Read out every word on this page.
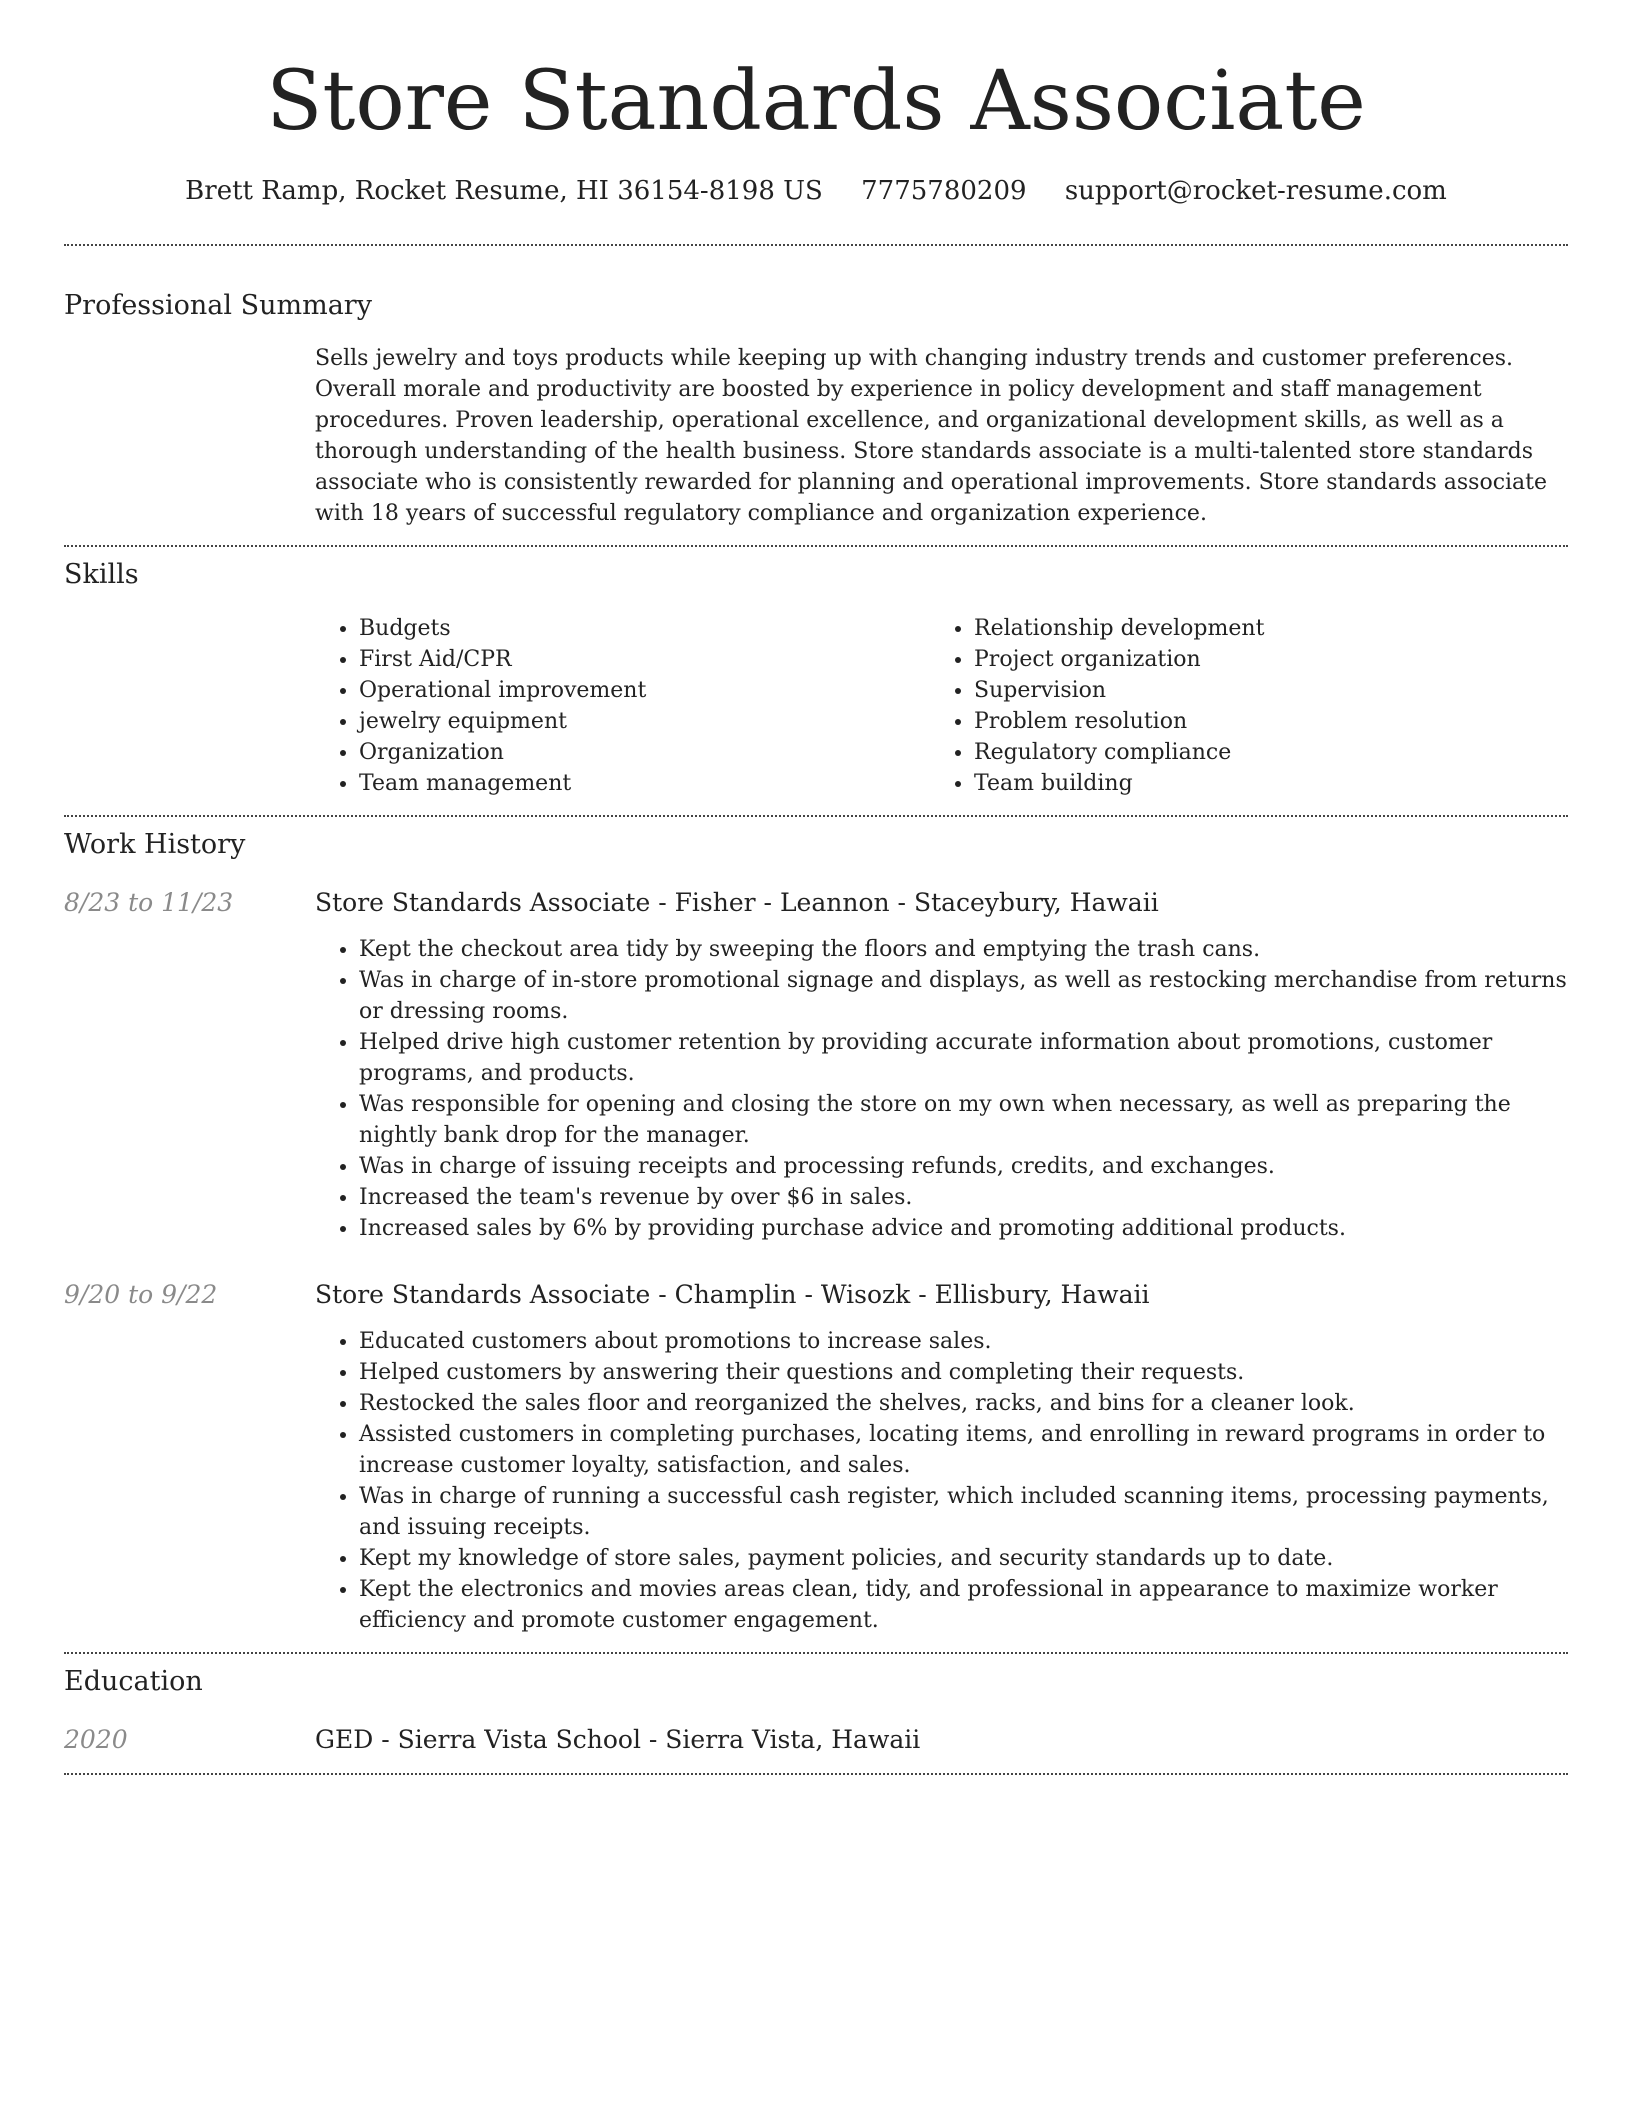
Store Standards Associate
Brett Ramp, Rocket Resume, HI 36154-8198 US 7775780209 support@rocket-resume.com
Professional Summary

Sells jewelry and toys products while keeping up with changing industry trends and customer preferences. Overall morale and productivity are boosted by experience in policy development and staff management procedures. Proven leadership, operational excellence, and organizational development skills, as well as a thorough understanding of the health business. Store standards associate is a multi-talented store standards associate who is consistently rewarded for planning and operational improvements. Store standards associate with 18 years of successful regulatory compliance and organization experience.

Skills
• Budgets
• First Aid/CPR
• Operational improvement
• jewelry equipment
• Organization
• Team management
• Relationship development
• Project organization
• Supervision
• Problem resolution
• Regulatory compliance
• Team building
Work History
8/23 to 11/23	Store Standards Associate - Fisher - Leannon - Staceybury, Hawaii
• Kept the checkout area tidy by sweeping the floors and emptying the trash cans.
• Was in charge of in-store promotional signage and displays, as well as restocking merchandise from returns or dressing rooms.
• Helped drive high customer retention by providing accurate information about promotions, customer programs, and products.
• Was responsible for opening and closing the store on my own when necessary, as well as preparing the nightly bank drop for the manager.
• Was in charge of issuing receipts and processing refunds, credits, and exchanges.
• Increased the team's revenue by over $6 in sales.
• Increased sales by 6% by providing purchase advice and promoting additional products.
9/20 to 9/22	Store Standards Associate - Champlin - Wisozk - Ellisbury, Hawaii
• Educated customers about promotions to increase sales.
• Helped customers by answering their questions and completing their requests.
• Restocked the sales floor and reorganized the shelves, racks, and bins for a cleaner look.
• Assisted customers in completing purchases, locating items, and enrolling in reward programs in order to increase customer loyalty, satisfaction, and sales.
• Was in charge of running a successful cash register, which included scanning items, processing payments, and issuing receipts.
• Kept my knowledge of store sales, payment policies, and security standards up to date.
• Kept the electronics and movies areas clean, tidy, and professional in appearance to maximize worker efficiency and promote customer engagement.
Education
2020	GED - Sierra Vista School - Sierra Vista, Hawaii
